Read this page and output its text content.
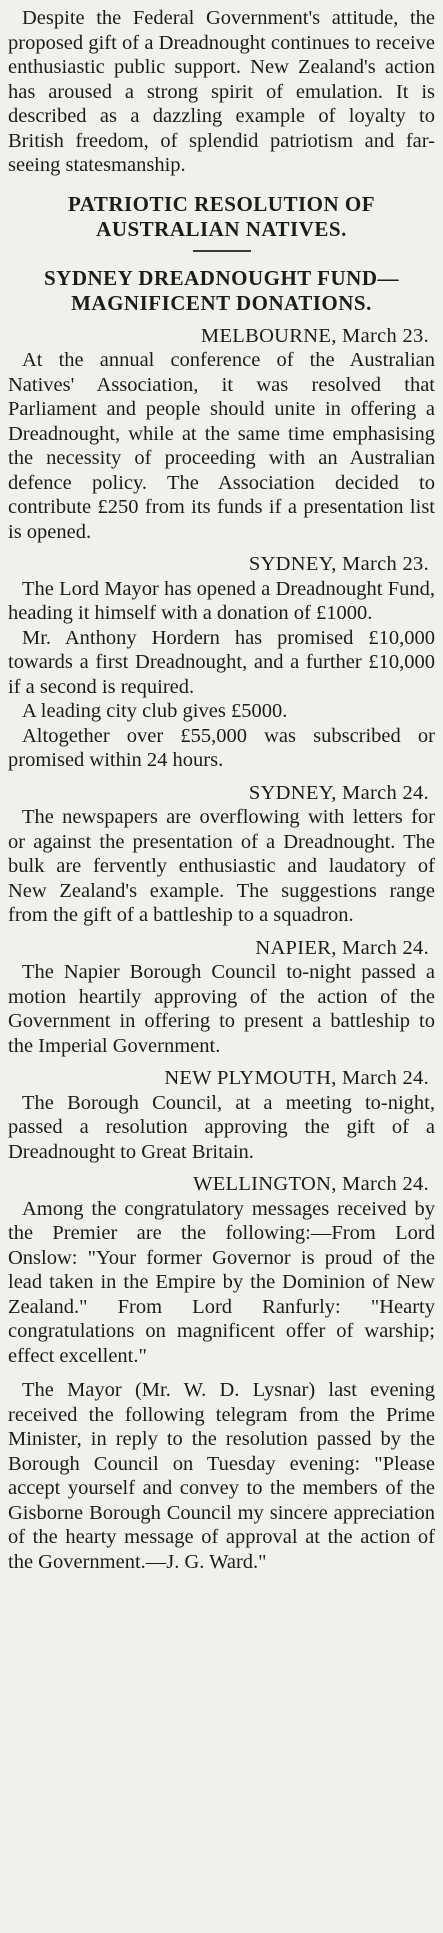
Despite the Federal Government's attitude, the proposed gift of a Dreadnought continues to receive enthusiastic public support. New Zealand's action has aroused a strong spirit of emulation. It is described as a dazzling example of loyalty to British freedom, of splendid patriotism and far-seeing statesmanship.

PATRIOTIC RESOLUTION OF AUSTRALIAN NATIVES.
SYDNEY DREADNOUGHT FUND—MAGNIFICENT DONATIONS.
MELBOURNE, March 23.

At the annual conference of the Australian Natives' Association, it was resolved that Parliament and people should unite in offering a Dreadnought, while at the same time emphasising the necessity of proceeding with an Australian defence policy. The Association decided to contribute £250 from its funds if a presentation list is opened.

SYDNEY, March 23.

The Lord Mayor has opened a Dreadnought Fund, heading it himself with a donation of £1000.

Mr. Anthony Hordern has promised £10,000 towards a first Dreadnought, and a further £10,000 if a second is required.

A leading city club gives £5000.

Altogether over £55,000 was subscribed or promised within 24 hours.

SYDNEY, March 24.

The newspapers are overflowing with letters for or against the presentation of a Dreadnought. The bulk are fervently enthusiastic and laudatory of New Zealand's example. The suggestions range from the gift of a battleship to a squadron.

NAPIER, March 24.

The Napier Borough Council to-night passed a motion heartily approving of the action of the Government in offering to present a battleship to the Imperial Government.

NEW PLYMOUTH, March 24.

The Borough Council, at a meeting to-night, passed a resolution approving the gift of a Dreadnought to Great Britain.

WELLINGTON, March 24.

Among the congratulatory messages received by the Premier are the following:—From Lord Onslow: "Your former Governor is proud of the lead taken in the Empire by the Dominion of New Zealand." From Lord Ranfurly: "Hearty congratulations on magnificent offer of warship; effect excellent."

The Mayor (Mr. W. D. Lysnar) last evening received the following telegram from the Prime Minister, in reply to the resolution passed by the Borough Council on Tuesday evening: "Please accept yourself and convey to the members of the Gisborne Borough Council my sincere appreciation of the hearty message of approval at the action of the Government.—J. G. Ward."
